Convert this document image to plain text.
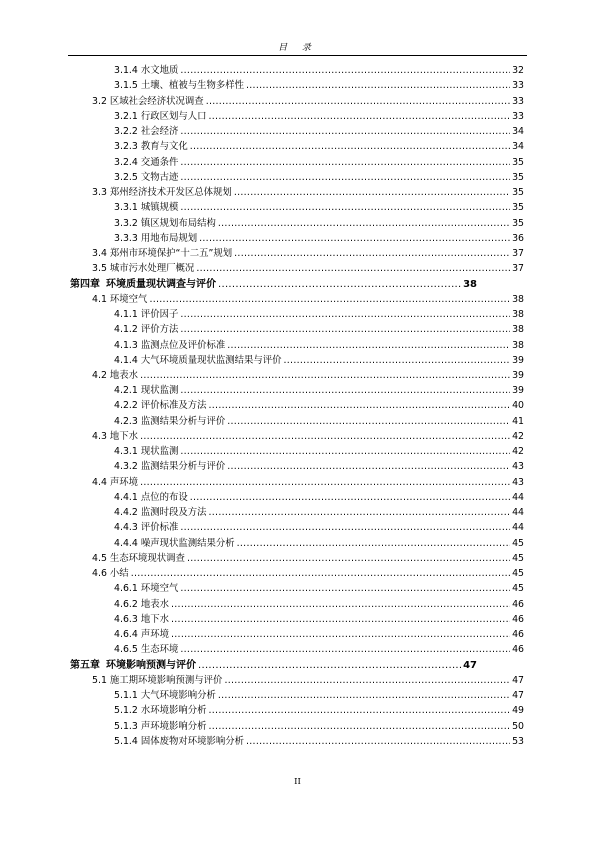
目 录
3.1.4 水文地质 .....	32
3.1.5 土壤、植被与生物多样性 .....	33
3.2 区域社会经济状况调查 .....	33
3.2.1 行政区划与人口 .....	33
3.2.2 社会经济 .....	34
3.2.3 教育与文化 .....	34
3.2.4 交通条件 .....	35
3.2.5 文物古迹 .....	35
3.3 郑州经济技术开发区总体规划 .....	35
3.3.1 城镇规模 .....	35
3.3.2 镇区规划布局结构 .....	35
3.3.3 用地布局规划 .....	36
3.4 郑州市环境保护“十二五”规划 .....	37
3.5 城市污水处理厂概况 .....	37
第四章 环境质量现状调查与评价 .....	38
4.1 环境空气 .....	38
4.1.1 评价因子 .....	38
4.1.2 评价方法 .....	38
4.1.3 监测点位及评价标准 .....	38
4.1.4 大气环境质量现状监测结果与评价 .....	39
4.2 地表水 .....	39
4.2.1 现状监测 .....	39
4.2.2 评价标准及方法 .....	40
4.2.3 监测结果分析与评价 .....	41
4.3 地下水 .....	42
4.3.1 现状监测 .....	42
4.3.2 监测结果分析与评价 .....	43
4.4 声环境 .....	43
4.4.1 点位的布设 .....	44
4.4.2 监测时段及方法 .....	44
4.4.3 评价标准 .....	44
4.4.4 噪声现状监测结果分析 .....	45
4.5 生态环境现状调查 .....	45
4.6 小结 .....	45
4.6.1 环境空气 .....	45
4.6.2 地表水 .....	46
4.6.3 地下水 .....	46
4.6.4 声环境 .....	46
4.6.5 生态环境 .....	46
第五章 环境影响预测与评价 .....	47
5.1 施工期环境影响预测与评价 .....	47
5.1.1 大气环境影响分析 .....	47
5.1.2 水环境影响分析 .....	49
5.1.3 声环境影响分析 .....	50
5.1.4 固体废物对环境影响分析 .....	53
II
